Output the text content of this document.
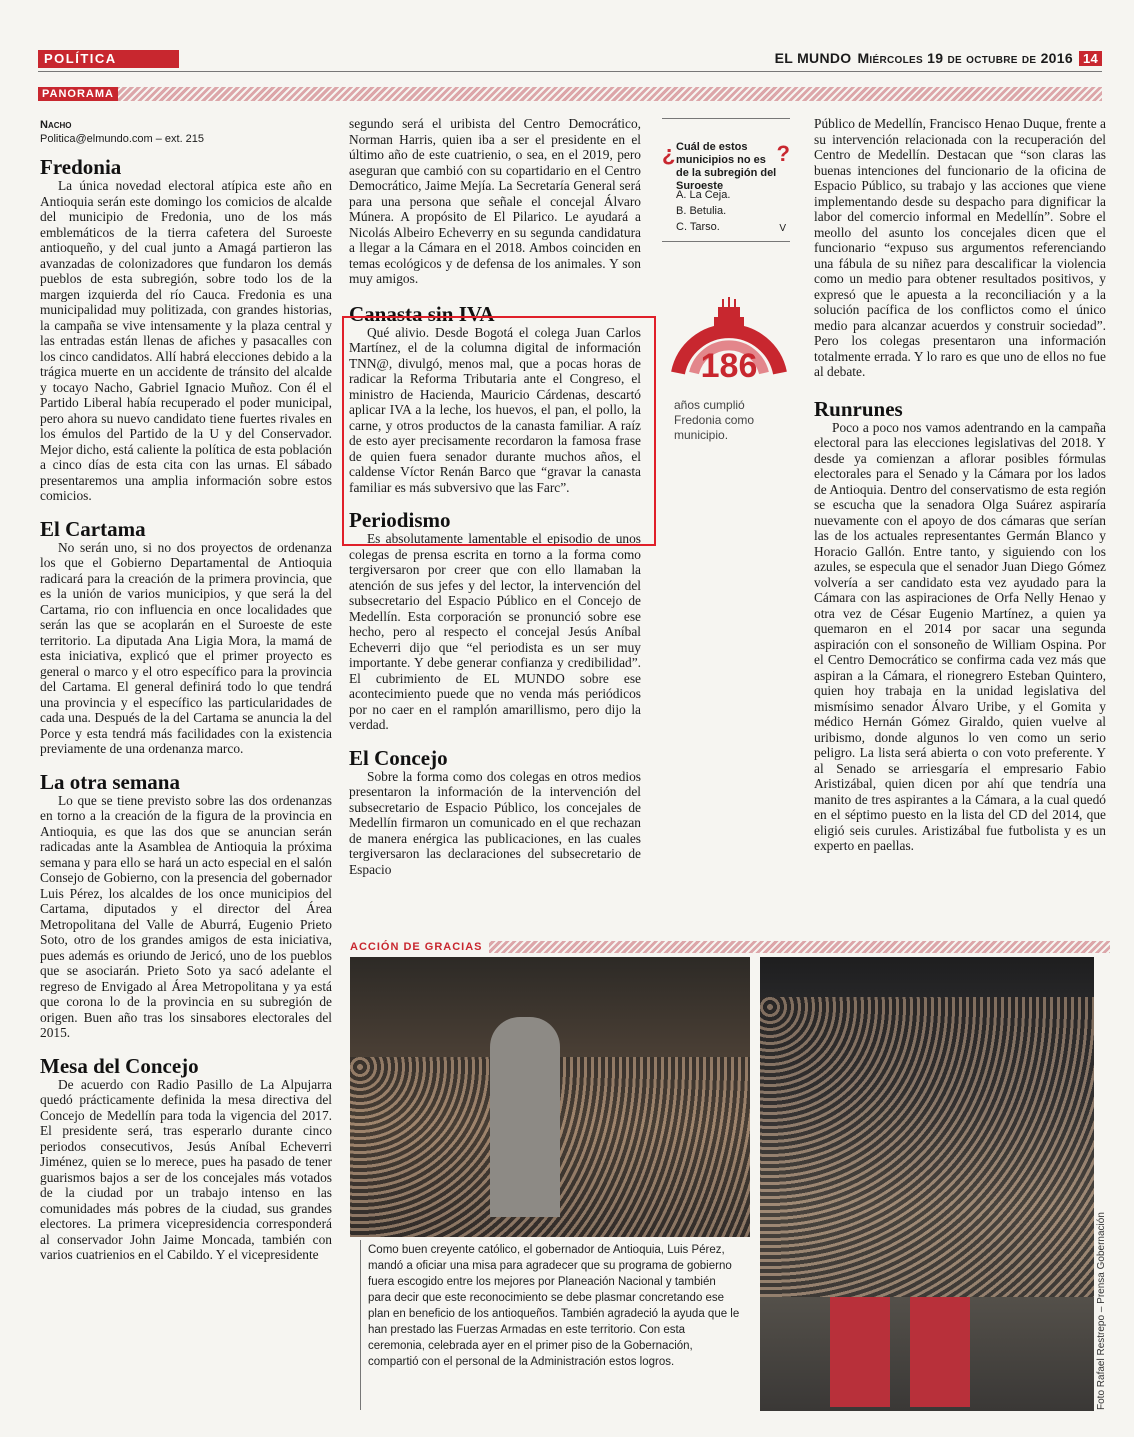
POLÍTICA	EL MUNDO Miércoles 19 de octubre de 2016 14
PANORAMA
Nacho
Politica@elmundo.com – ext. 215
Fredonia

La única novedad electoral atípica este año en Antioquia serán este domingo los comicios de alcalde del municipio de Fredonia, uno de los más emblemáticos de la tierra cafetera del Suroeste antioqueño, y del cual junto a Amagá partieron las avanzadas de colonizadores que fundaron los demás pueblos de esta subregión, sobre todo los de la margen izquierda del río Cauca. Fredonia es una municipalidad muy politizada, con grandes historias, la campaña se vive intensamente y la plaza central y las entradas están llenas de afiches y pasacalles con los cinco candidatos. Allí habrá elecciones debido a la trágica muerte en un accidente de tránsito del alcalde y tocayo Nacho, Gabriel Ignacio Muñoz. Con él el Partido Liberal había recuperado el poder municipal, pero ahora su nuevo candidato tiene fuertes rivales en los émulos del Partido de la U y del Conservador. Mejor dicho, está caliente la política de esta población a cinco días de esta cita con las urnas. El sábado presentaremos una amplia información sobre estos comicios.

El Cartama

No serán uno, si no dos proyectos de ordenanza los que el Gobierno Departamental de Antioquia radicará para la creación de la primera provincia, que es la unión de varios municipios, y que será la del Cartama, rio con influencia en once localidades que serán las que se acoplarán en el Suroeste de este territorio. La diputada Ana Ligia Mora, la mamá de esta iniciativa, explicó que el primer proyecto es general o marco y el otro específico para la provincia del Cartama. El general definirá todo lo que tendrá una provincia y el específico las particularidades de cada una. Después de la del Cartama se anuncia la del Porce y esta tendrá más facilidades con la existencia previamente de una ordenanza marco.

La otra semana

Lo que se tiene previsto sobre las dos ordenanzas en torno a la creación de la figura de la provincia en Antioquia, es que las dos que se anuncian serán radicadas ante la Asamblea de Antioquia la próxima semana y para ello se hará un acto especial en el salón Consejo de Gobierno, con la presencia del gobernador Luis Pérez, los alcaldes de los once municipios del Cartama, diputados y el director del Área Metropolitana del Valle de Aburrá, Eugenio Prieto Soto, otro de los grandes amigos de esta iniciativa, pues además es oriundo de Jericó, uno de los pueblos que se asociarán. Prieto Soto ya sacó adelante el regreso de Envigado al Área Metropolitana y ya está que corona lo de la provincia en su subregión de origen. Buen año tras los sinsabores electorales del 2015.

Mesa del Concejo

De acuerdo con Radio Pasillo de La Alpujarra quedó prácticamente definida la mesa directiva del Concejo de Medellín para toda la vigencia del 2017. El presidente será, tras esperarlo durante cinco periodos consecutivos, Jesús Aníbal Echeverri Jiménez, quien se lo merece, pues ha pasado de tener guarismos bajos a ser de los concejales más votados de la ciudad por un trabajo intenso en las comunidades más pobres de la ciudad, sus grandes electores. La primera vicepresidencia corresponderá al conservador John Jaime Moncada, también con varios cuatrienios en el Cabildo. Y el vicepresidente

segundo será el uribista del Centro Democrático, Norman Harris, quien iba a ser el presidente en el último año de este cuatrienio, o sea, en el 2019, pero aseguran que cambió con su copartidario en el Centro Democrático, Jaime Mejía. La Secretaría General será para una persona que señale el concejal Álvaro Múnera. A propósito de El Pilarico. Le ayudará a Nicolás Albeiro Echeverry en su segunda candidatura a llegar a la Cámara en el 2018. Ambos coinciden en temas ecológicos y de defensa de los animales. Y son muy amigos.

Canasta sin IVA

Qué alivio. Desde Bogotá el colega Juan Carlos Martínez, el de la columna digital de información TNN@, divulgó, menos mal, que a pocas horas de radicar la Reforma Tributaria ante el Congreso, el ministro de Hacienda, Mauricio Cárdenas, descartó aplicar IVA a la leche, los huevos, el pan, el pollo, la carne, y otros productos de la canasta familiar. A raíz de esto ayer precisamente recordaron la famosa frase de quien fuera senador durante muchos años, el caldense Víctor Renán Barco que “gravar la canasta familiar es más subversivo que las Farc”.

Periodismo

Es absolutamente lamentable el episodio de unos colegas de prensa escrita en torno a la forma como tergiversaron por creer que con ello llamaban la atención de sus jefes y del lector, la intervención del subsecretario del Espacio Público en el Concejo de Medellín. Esta corporación se pronunció sobre ese hecho, pero al respecto el concejal Jesús Aníbal Echeverri dijo que “el periodista es un ser muy importante. Y debe generar confianza y credibilidad”. El cubrimiento de EL MUNDO sobre ese acontecimiento puede que no venda más periódicos por no caer en el ramplón amarillismo, pero dijo la verdad.

El Concejo

Sobre la forma como dos colegas en otros medios presentaron la información de la intervención del subsecretario de Espacio Público, los concejales de Medellín firmaron un comunicado en el que rechazan de manera enérgica las publicaciones, en las cuales tergiversaron las declaraciones del subsecretario de Espacio

¿	?
Cuál de estos municipios no es de la subregión del Suroeste
A. La Ceja.
B. Betulia.
C. Tarso.	V
186
años cumplió Fredonia como municipio.

Público de Medellín, Francisco Henao Duque, frente a su intervención relacionada con la recuperación del Centro de Medellín. Destacan que “son claras las buenas intenciones del funcionario de la oficina de Espacio Público, su trabajo y las acciones que viene implementando desde su despacho para dignificar la labor del comercio informal en Medellín”. Sobre el meollo del asunto los concejales dicen que el funcionario “expuso sus argumentos referenciando una fábula de su niñez para descalificar la violencia como un medio para obtener resultados positivos, y expresó que le apuesta a la reconciliación y a la solución pacífica de los conflictos como el único medio para alcanzar acuerdos y construir sociedad”. Pero los colegas presentaron una información totalmente errada. Y lo raro es que uno de ellos no fue al debate.

Runrunes

Poco a poco nos vamos adentrando en la campaña electoral para las elecciones legislativas del 2018. Y desde ya comienzan a aflorar posibles fórmulas electorales para el Senado y la Cámara por los lados de Antioquia. Dentro del conservatismo de esta región se escucha que la senadora Olga Suárez aspiraría nuevamente con el apoyo de dos cámaras que serían las de los actuales representantes Germán Blanco y Horacio Gallón. Entre tanto, y siguiendo con los azules, se especula que el senador Juan Diego Gómez volvería a ser candidato esta vez ayudado para la Cámara con las aspiraciones de Orfa Nelly Henao y otra vez de César Eugenio Martínez, a quien ya quemaron en el 2014 por sacar una segunda aspiración con el sonsoneño de William Ospina. Por el Centro Democrático se confirma cada vez más que aspiran a la Cámara, el rionegrero Esteban Quintero, quien hoy trabaja en la unidad legislativa del mismísimo senador Álvaro Uribe, y el Gomita y médico Hernán Gómez Giraldo, quien vuelve al uribismo, donde algunos lo ven como un serio peligro. La lista será abierta o con voto preferente. Y al Senado se arriesgaría el empresario Fabio Aristizábal, quien dicen por ahí que tendría una manito de tres aspirantes a la Cámara, a la cual quedó en el séptimo puesto en la lista del CD del 2014, que eligió seis curules. Aristizábal fue futbolista y es un experto en paellas.

ACCIÓN DE GRACIAS
Como buen creyente católico, el gobernador de Antioquia, Luis Pérez, mandó a oficiar una misa para agradecer que su programa de gobierno fuera escogido entre los mejores por Planeación Nacional y también para decir que este reconocimiento se debe plasmar concretando ese plan en beneficio de los antioqueños. También agradeció la ayuda que le han prestado las Fuerzas Armadas en este territorio. Con esta ceremonia, celebrada ayer en el primer piso de la Gobernación, compartió con el personal de la Administración estos logros.	Foto Rafael Restrepo – Prensa Gobernación
